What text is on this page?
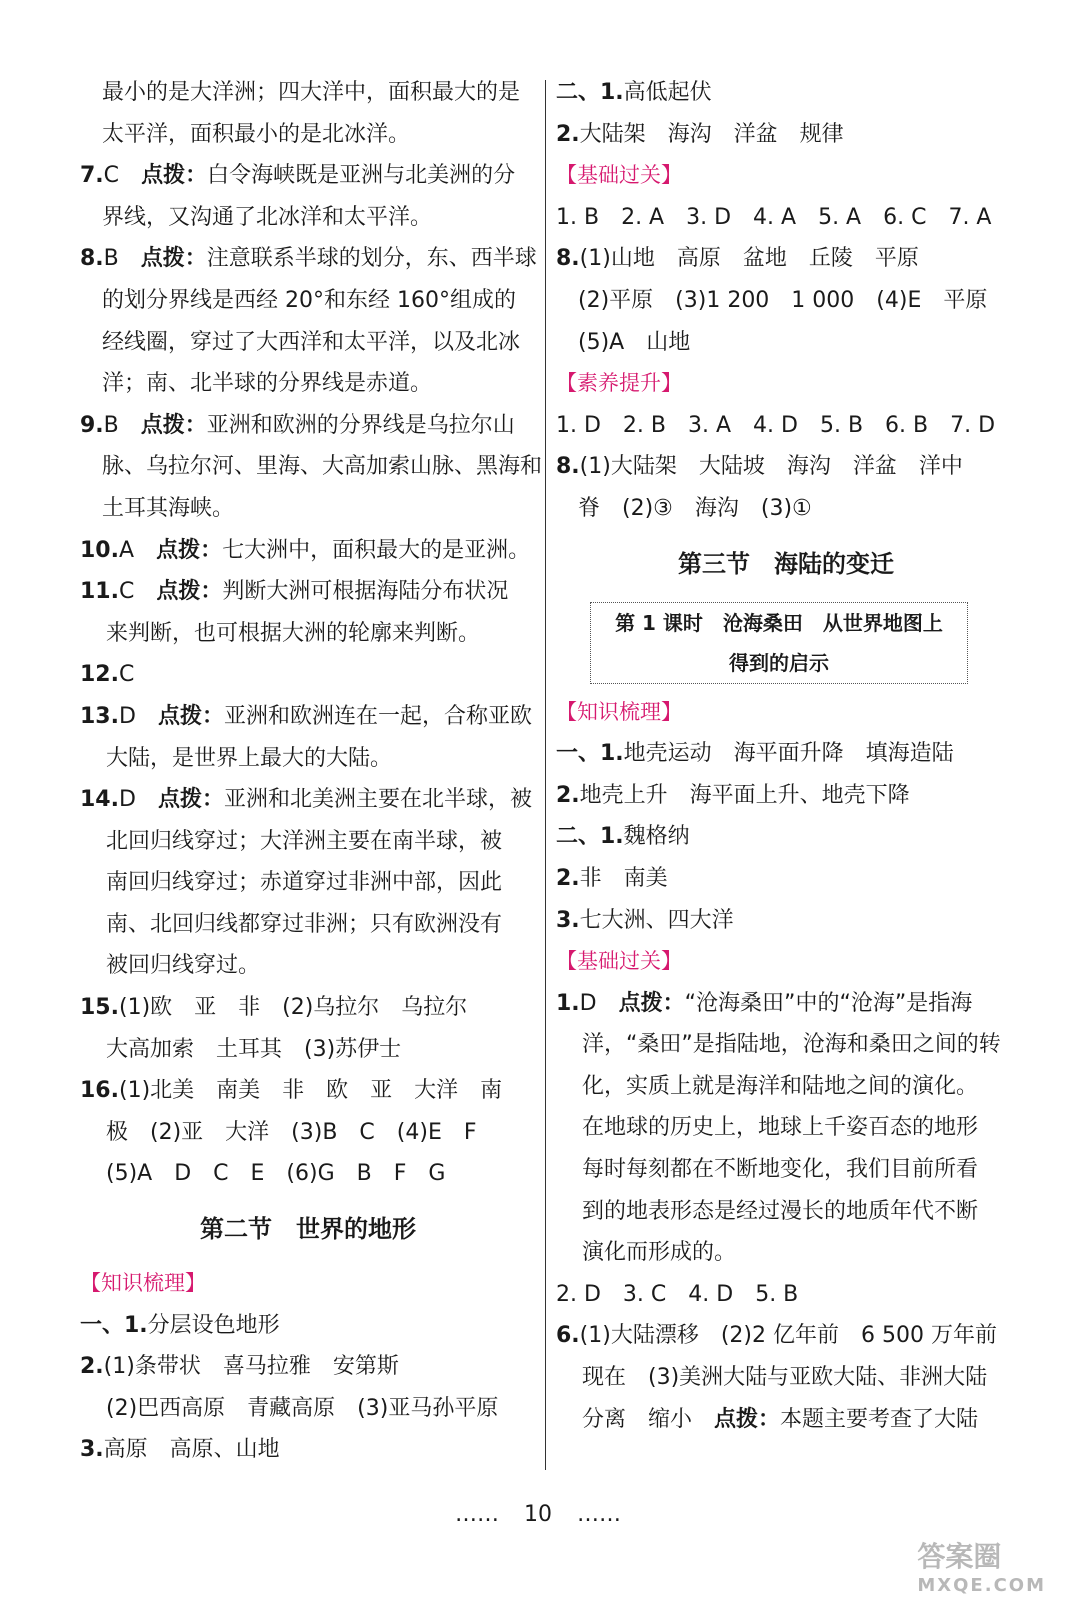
最小的是大洋洲；四大洋中，面积最大的是
太平洋，面积最小的是北冰洋。
7.C　 点拨：白令海峡既是亚洲与北美洲的分
界线，又沟通了北冰洋和太平洋。
8.B　 点拨：注意联系半球的划分，东、西半球
的划分界线是西经 20°和东经 160°组成的
经线圈，穿过了大西洋和太平洋，以及北冰
洋；南、北半球的分界线是赤道。
9.B　 点拨：亚洲和欧洲的分界线是乌拉尔山
脉、乌拉尔河、里海、大高加索山脉、黑海和
土耳其海峡。
10.A　 点拨：七大洲中，面积最大的是亚洲。
11.C　 点拨：判断大洲可根据海陆分布状况
来判断，也可根据大洲的轮廓来判断。
12.C
13.D　 点拨：亚洲和欧洲连在一起，合称亚欧
大陆，是世界上最大的大陆。
14.D　 点拨：亚洲和北美洲主要在北半球，被
北回归线穿过；大洋洲主要在南半球，被
南回归线穿过；赤道穿过非洲中部，因此
南、北回归线都穿过非洲；只有欧洲没有
被回归线穿过。
15.(1)欧　亚　非　(2)乌拉尔　乌拉尔
大高加索　土耳其　(3)苏伊士
16.(1)北美　南美　非　欧　亚　大洋　南
极　(2)亚　大洋　(3)B　C　(4)E　F
(5)A　D　C　E　(6)G　B　F　G
第二节　世界的地形
【知识梳理】
一、1.分层设色地形
2.(1)条带状　喜马拉雅　安第斯
(2)巴西高原　青藏高原　(3)亚马孙平原
3.高原　高原、山地
二、1.高低起伏
2.大陆架　海沟　洋盆　规律
【基础过关】
1. B　2. A　3. D　4. A　5. A　6. C　7. A
8.(1)山地　高原　盆地　丘陵　平原
(2)平原　(3)1 200　1 000　(4)E　平原
(5)A　山地
【素养提升】
1. D　2. B　3. A　4. D　5. B　6. B　7. D
8.(1)大陆架　大陆坡　海沟　洋盆　洋中
脊　(2)③　海沟　(3)①
第三节　海陆的变迁
第 1 课时　沧海桑田　从世界地图上
得到的启示
【知识梳理】
一、1.地壳运动　海平面升降　填海造陆
2.地壳上升　海平面上升、地壳下降
二、1.魏格纳
2.非　南美
3.七大洲、四大洋
【基础过关】
1.D　 点拨：“沧海桑田”中的“沧海”是指海
洋，“桑田”是指陆地，沧海和桑田之间的转
化，实质上就是海洋和陆地之间的演化。
在地球的历史上，地球上千姿百态的地形
每时每刻都在不断地变化，我们目前所看
到的地表形态是经过漫长的地质年代不断
演化而形成的。
2. D　3. C　4. D　5. B
6.(1)大陆漂移　(2)2 亿年前　6 500 万年前
现在　(3)美洲大陆与亚欧大陆、非洲大陆
分离　缩小　点拨：本题主要考查了大陆
…… 10 ……
答案圈
MXQE.COM
